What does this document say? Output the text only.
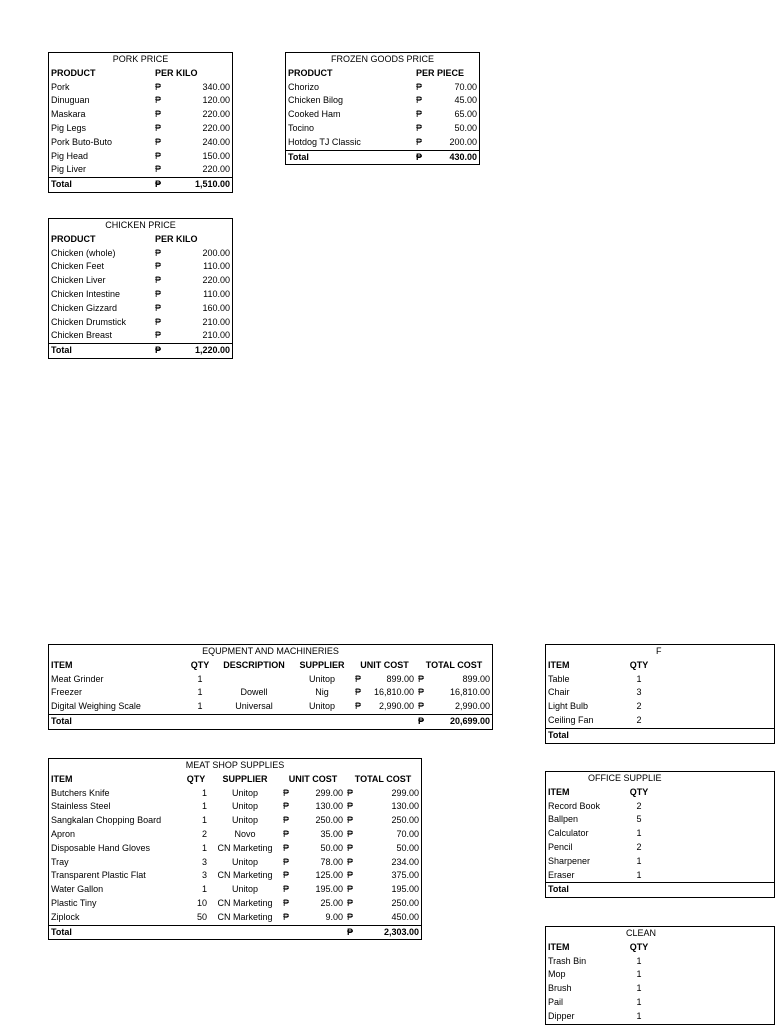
PORK PRICE		
PRODUCT	PER KILO	
Pork	₱	340.00
Dinuguan	₱	120.00
Maskara	₱	220.00
Pig Legs	₱	220.00
Pork Buto-Buto	₱	240.00
Pig Head	₱	150.00
Pig Liver	₱	220.00
Total	₱	1,510.00
FROZEN GOODS PRICE		
PRODUCT	PER PIECE	
Chorizo	₱	70.00
Chicken Bilog	₱	45.00
Cooked Ham	₱	65.00
Tocino	₱	50.00
Hotdog TJ Classic	₱	200.00
Total	₱	430.00
CHICKEN PRICE		
PRODUCT	PER KILO	
Chicken (whole)	₱	200.00
Chicken Feet	₱	110.00
Chicken Liver	₱	220.00
Chicken Intestine	₱	110.00
Chicken Gizzard	₱	160.00
Chicken Drumstick	₱	210.00
Chicken Breast	₱	210.00
Total	₱	1,220.00
EQUPMENT AND MACHINERIES							
ITEM	QTY	DESCRIPTION	SUPPLIER	UNIT COST		TOTAL COST	
Meat Grinder	1		Unitop	₱	899.00	₱	899.00
Freezer	1	Dowell	Nig	₱	16,810.00	₱	16,810.00
Digital Weighing Scale	1	Universal	Unitop	₱	2,990.00	₱	2,990.00
Total						₱	20,699.00
MEAT SHOP SUPPLIES						
ITEM	QTY	SUPPLIER	UNIT COST		TOTAL COST	
Butchers Knife	1	Unitop	₱	299.00	₱	299.00
Stainless Steel	1	Unitop	₱	130.00	₱	130.00
Sangkalan Chopping Board	1	Unitop	₱	250.00	₱	250.00
Apron	2	Novo	₱	35.00	₱	70.00
Disposable Hand Gloves	1	CN Marketing	₱	50.00	₱	50.00
Tray	3	Unitop	₱	78.00	₱	234.00
Transparent Plastic Flat	3	CN Marketing	₱	125.00	₱	375.00
Water Gallon	1	Unitop	₱	195.00	₱	195.00
Plastic Tiny	10	CN Marketing	₱	25.00	₱	250.00
Ziplock	50	CN Marketing	₱	9.00	₱	450.00
Total					₱	2,303.00
		F
ITEM	QTY	
Table	1	
Chair	3	
Light Bulb	2	
Ceiling Fan	2	
Total		
OFFICE SUPPLIE		
ITEM	QTY	
Record Book	2	
Ballpen	5	
Calculator	1	
Pencil	2	
Sharpener	1	
Eraser	1	
Total		
CLEAN		
ITEM	QTY	
Trash Bin	1	
Mop	1	
Brush	1	
Pail	1	
Dipper	1	
